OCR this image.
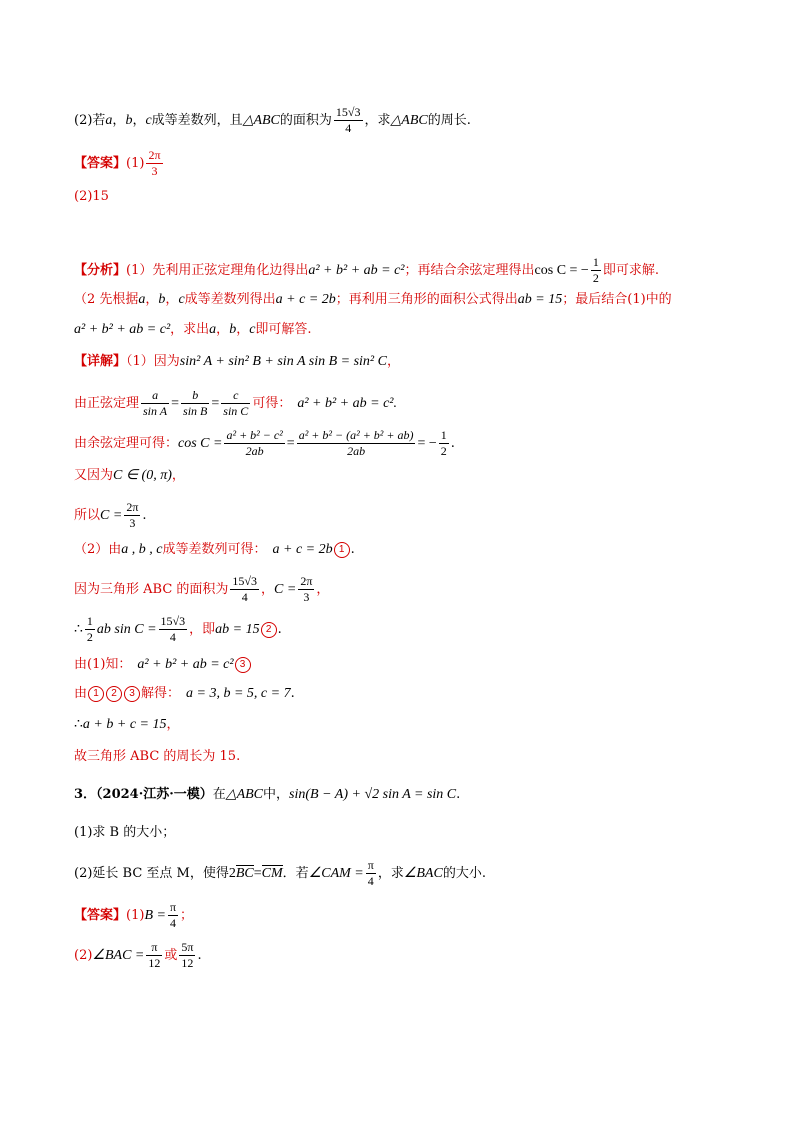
(2)若a，b，c成等差数列，且△ABC的面积为 $\frac{15√3}{4}$ ，求△ABC的周长.
【答案】$(1) \frac{2\pi}{3}$
(2)15
【分析】(1）先利用正弦定理角化边得出a² + b² + ab = c²；再结合余弦定理得出cos C = − $\frac{1}{2}$ 即可求解.
（2 先根据a，b，c成等差数列得出a + c = 2b；再利用三角形的面积公式得出ab = 15；最后结合(1)中的
a² + b² + ab = c²，求出a，b，c即可解答.
【详解】（1）因为sin² A + sin² B + sin A sin B = sin² C，
由正弦定理 $\frac{a}{\text{sin A}} = \frac{b}{\text{sin B}} = \frac{c}{\text{sin C}}$ 可得： a² + b² + ab = c².
由余弦定理可得：$\cos C = \frac{\text{a² + b² − c²}}{2ab} = \frac{\text{a² + b² − (a² + b² + ab)}}{2ab}$ = − $\frac{1}{2}$ .
又因为C ∈ (0, π)，
所以$C = \frac{2\pi}{3}$ .
（2）由a , b , c成等差数列可得： a + c = 2b 1 .
因为三角形 ABC 的面积为 $\frac{15√3}{4}$ ，$C = \frac{2\pi}{3}$ ，
∴ $\frac{1}{2}$ ab $\sin C = \frac{15√3}{4}$ ，即ab = 15 2 .
由(1)知： a² + b² + ab = c² 3
由 1 2 3 解得： a = 3, b = 5, c = 7.
∴a + b + c = 15，
故三角形 ABC 的周长为 15.
3．（2024·江苏·一模）在△ABC中，sin(B − A) + √2 sin A = sin C.
(1)求 B 的大小；
(2)延长 BC 至点 M，使得2BC=CM．若∠CAM = $\frac{\pi}{4}$ ，求∠BAC的大小.
【答案】$(1)B = \frac{\pi}{4}$ ；
(2)∠BAC = $\frac{\pi}{12}$ 或 $\frac{5\pi}{12}$ .
